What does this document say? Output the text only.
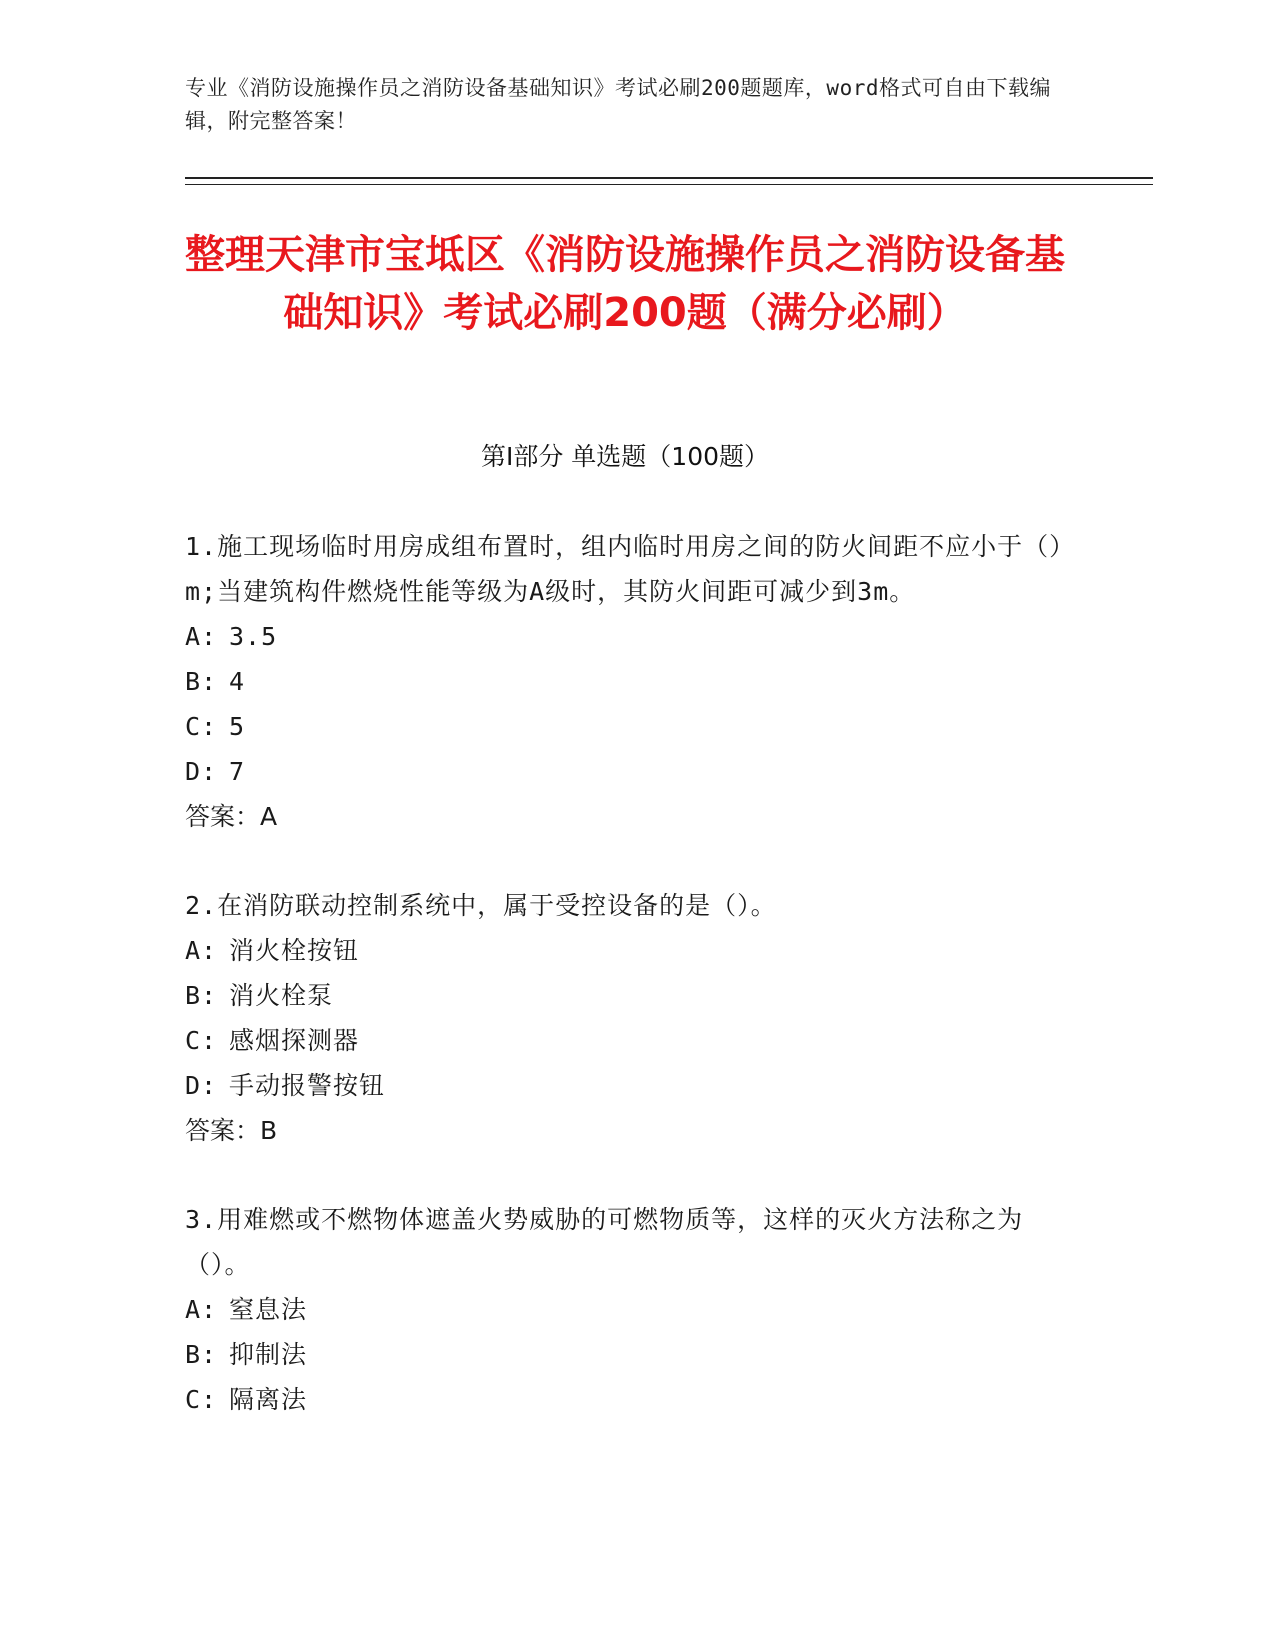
专业《消防设施操作员之消防设备基础知识》考试必刷200题题库，word格式可自由下载编辑，附完整答案！
整理天津市宝坻区《消防设施操作员之消防设备基础知识》考试必刷200题（满分必刷）
第Ⅰ部分 单选题（100题）
1.施工现场临时用房成组布置时，组内临时用房之间的防火间距不应小于（）m;当建筑构件燃烧性能等级为A级时，其防火间距可减少到3m。
A: 3.5
B: 4
C: 5
D: 7
答案：A
2.在消防联动控制系统中，属于受控设备的是（）。
A: 消火栓按钮
B: 消火栓泵
C: 感烟探测器
D: 手动报警按钮
答案：B
3.用难燃或不燃物体遮盖火势威胁的可燃物质等，这样的灭火方法称之为（）。
A: 窒息法
B: 抑制法
C: 隔离法
